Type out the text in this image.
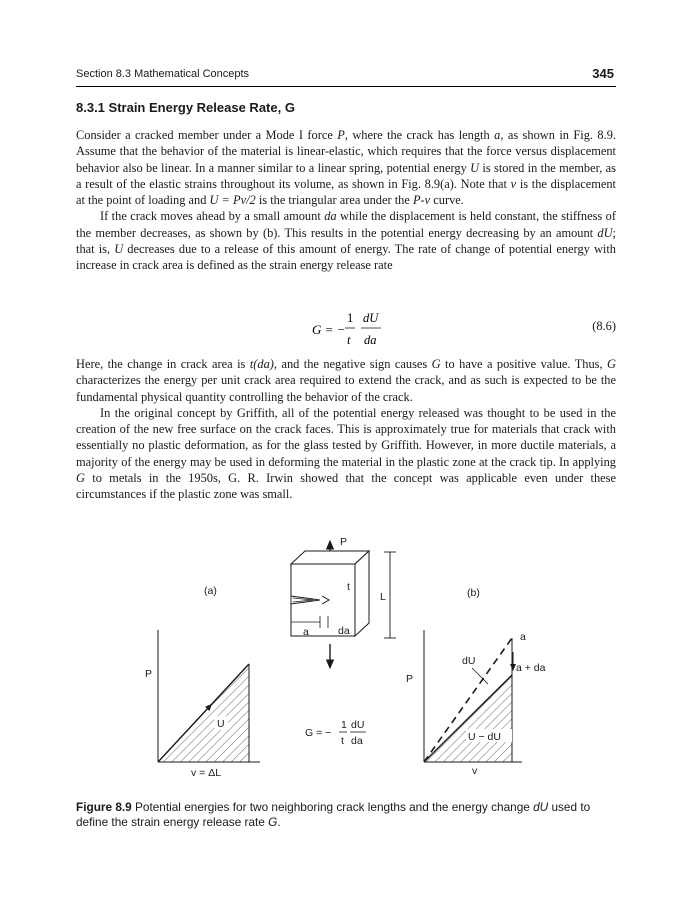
Section 8.3 Mathematical Concepts	345
8.3.1 Strain Energy Release Rate, G

Consider a cracked member under a Mode I force P, where the crack has length a, as shown in Fig. 8.9. Assume that the behavior of the material is linear-elastic, which requires that the force versus displacement behavior also be linear. In a manner similar to a linear spring, potential energy U is stored in the member, as a result of the elastic strains throughout its volume, as shown in Fig. 8.9(a). Note that v is the displacement at the point of loading and U = Pv/2 is the triangular area under the P-v curve.

If the crack moves ahead by a small amount da while the displacement is held constant, the stiffness of the member decreases, as shown by (b). This results in the potential energy decreasing by an amount dU; that is, U decreases due to a release of this amount of energy. The rate of change of potential energy with increase in crack area is defined as the strain energy release rate

G = −
1
t
dU
da
(8.6)

Here, the change in crack area is t(da), and the negative sign causes G to have a positive value. Thus, G characterizes the energy per unit crack area required to extend the crack, and as such is expected to be the fundamental physical quantity controlling the behavior of the crack.

In the original concept by Griffith, all of the potential energy released was thought to be used in the creation of the new free surface on the crack faces. This is approximately true for materials that crack with essentially no plastic deformation, as for the glass tested by Griffith. However, in more ductile materials, a majority of the energy may be used in deforming the material in the plastic zone at the crack tip. In applying G to metals in the 1950s, G. R. Irwin showed that the concept was applicable even under these circumstances if the plastic zone was small.

(a)
P
U
v = ΔL
P
t
L
a	da
G = −
1
t
dU
da
(b)
dU
a
a + da
P
U − dU
v
Figure 8.9 Potential energies for two neighboring crack lengths and the energy change dU used to define the strain energy release rate G.
